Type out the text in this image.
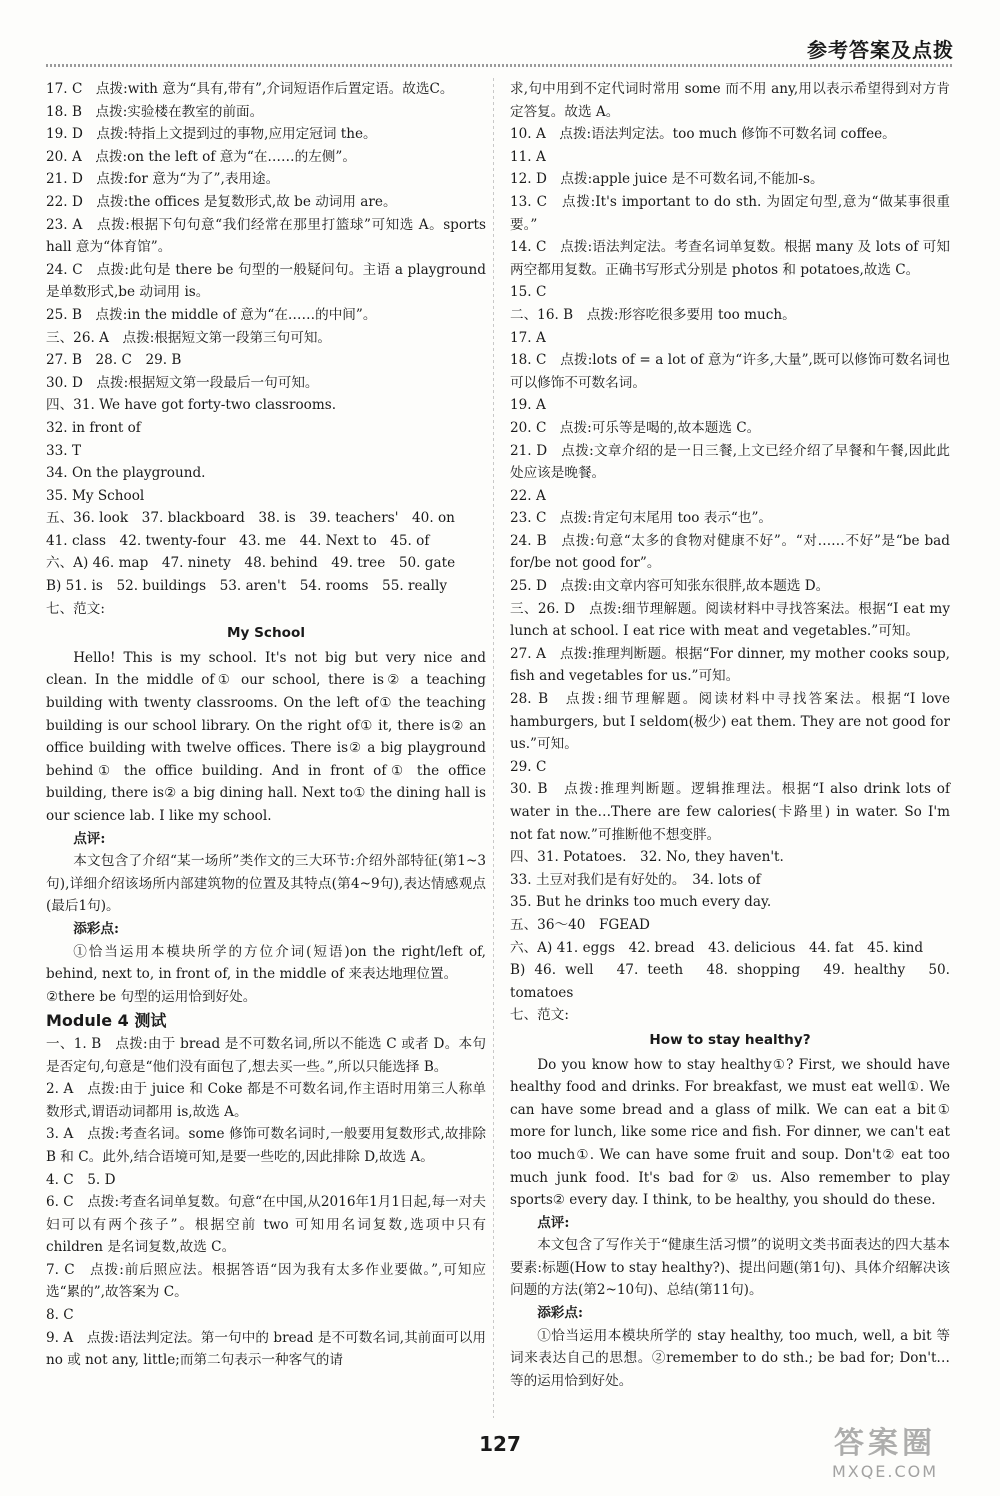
参考答案及点拨
17. C　点拨:with 意为“具有,带有”,介词短语作后置定语。故选C。
18. B　点拨:实验楼在教室的前面。
19. D　点拨:特指上文提到过的事物,应用定冠词 the。
20. A　点拨:on the left of 意为“在……的左侧”。
21. D　点拨:for 意为“为了”,表用途。
22. D　点拨:the offices 是复数形式,故 be 动词用 are。
23. A　点拨:根据下句句意“我们经常在那里打篮球”可知选 A。sports hall 意为“体育馆”。
24. C　点拨:此句是 there be 句型的一般疑问句。主语 a playground 是单数形式,be 动词用 is。
25. B　点拨:in the middle of 意为“在……的中间”。
三、26. A　点拨:根据短文第一段第三句可知。
27. B　28. C　29. B
30. D　点拨:根据短文第一段最后一句可知。
四、31. We have got forty-two classrooms.
32. in front of
33. T
34. On the playground.
35. My School
五、36. look　37. blackboard　38. is　39. teachers'　40. on
41. class　42. twenty-four　43. me　44. Next to　45. of
六、A) 46. map　47. ninety　48. behind　49. tree　50. gate
B) 51. is　52. buildings　53. aren't　54. rooms　55. really
七、范文:
My School
Hello! This is my school. It's not big but very nice and clean. In the middle of① our school, there is② a teaching building with twenty classrooms. On the left of① the teaching building is our school library. On the right of① it, there is② an office building with twelve offices. There is② a big playground behind① the office building. And in front of① the office building, there is② a big dining hall. Next to① the dining hall is our science lab. I like my school.
点评:
本文包含了介绍“某一场所”类作文的三大环节:介绍外部特征(第1~3句),详细介绍该场所内部建筑物的位置及其特点(第4~9句),表达情感观点(最后1句)。
添彩点:
①恰当运用本模块所学的方位介词(短语)on the right/left of, behind, next to, in front of, in the middle of 来表达地理位置。
②there be 句型的运用恰到好处。
Module 4 测试
一、1. B　点拨:由于 bread 是不可数名词,所以不能选 C 或者 D。本句是否定句,句意是“他们没有面包了,想去买一些。”,所以只能选择 B。
2. A　点拨:由于 juice 和 Coke 都是不可数名词,作主语时用第三人称单数形式,谓语动词都用 is,故选 A。
3. A　点拨:考查名词。some 修饰可数名词时,一般要用复数形式,故排除 B 和 C。此外,结合语境可知,是要一些吃的,因此排除 D,故选 A。
4. C　5. D
6. C　点拨:考查名词单复数。句意“在中国,从2016年1月1日起,每一对夫妇可以有两个孩子”。根据空前 two 可知用名词复数,选项中只有 children 是名词复数,故选 C。
7. C　点拨:前后照应法。根据答语“因为我有太多作业要做。”,可知应选“累的”,故答案为 C。
8. C
9. A　点拨:语法判定法。第一句中的 bread 是不可数名词,其前面可以用 no 或 not any, little;而第二句表示一种客气的请
求,句中用到不定代词时常用 some 而不用 any,用以表示希望得到对方肯定答复。故选 A。
10. A　点拨:语法判定法。too much 修饰不可数名词 coffee。
11. A
12. D　点拨:apple juice 是不可数名词,不能加-s。
13. C　点拨:It's important to do sth. 为固定句型,意为“做某事很重要。”
14. C　点拨:语法判定法。考查名词单复数。根据 many 及 lots of 可知两空都用复数。正确书写形式分别是 photos 和 potatoes,故选 C。
15. C
二、16. B　点拨:形容吃很多要用 too much。
17. A
18. C　点拨:lots of = a lot of 意为“许多,大量”,既可以修饰可数名词也可以修饰不可数名词。
19. A
20. C　点拨:可乐等是喝的,故本题选 C。
21. D　点拨:文章介绍的是一日三餐,上文已经介绍了早餐和午餐,因此此处应该是晚餐。
22. A
23. C　点拨:肯定句末尾用 too 表示“也”。
24. B　点拨:句意“太多的食物对健康不好”。“对……不好”是“be bad for/be not good for”。
25. D　点拨:由文章内容可知张东很胖,故本题选 D。
三、26. D　点拨:细节理解题。阅读材料中寻找答案法。根据“I eat my lunch at school. I eat rice with meat and vegetables.”可知。
27. A　点拨:推理判断题。根据“For dinner, my mother cooks soup, fish and vegetables for us.”可知。
28. B　点拨:细节理解题。阅读材料中寻找答案法。根据“I love hamburgers, but I seldom(极少) eat them. They are not good for us.”可知。
29. C
30. B　点拨:推理判断题。逻辑推理法。根据“I also drink lots of water in the…There are few calories(卡路里) in water. So I'm not fat now.”可推断他不想变胖。
四、31. Potatoes.　32. No, they haven't.
33. 土豆对我们是有好处的。　34. lots of
35. But he drinks too much every day.
五、36～40　FGEAD
六、A) 41. eggs　42. bread　43. delicious　44. fat　45. kind
B) 46. well　47. teeth　48. shopping　49. healthy　50. tomatoes
七、范文:
How to stay healthy?
Do you know how to stay healthy①? First, we should have healthy food and drinks. For breakfast, we must eat well①. We can have some bread and a glass of milk. We can eat a bit① more for lunch, like some rice and fish. For dinner, we can't eat too much①. We can have some fruit and soup. Don't② eat too much junk food. It's bad for② us. Also remember to play sports② every day. I think, to be healthy, you should do these.
点评:
本文包含了写作关于“健康生活习惯”的说明文类书面表达的四大基本要素:标题(How to stay healthy?)、提出问题(第1句)、具体介绍解决该问题的方法(第2~10句)、总结(第11句)。
添彩点:
①恰当运用本模块所学的 stay healthy, too much, well, a bit 等词来表达自己的思想。②remember to do sth.; be bad for; Don't…等的运用恰到好处。
127	答案圈
MXQE.COM
